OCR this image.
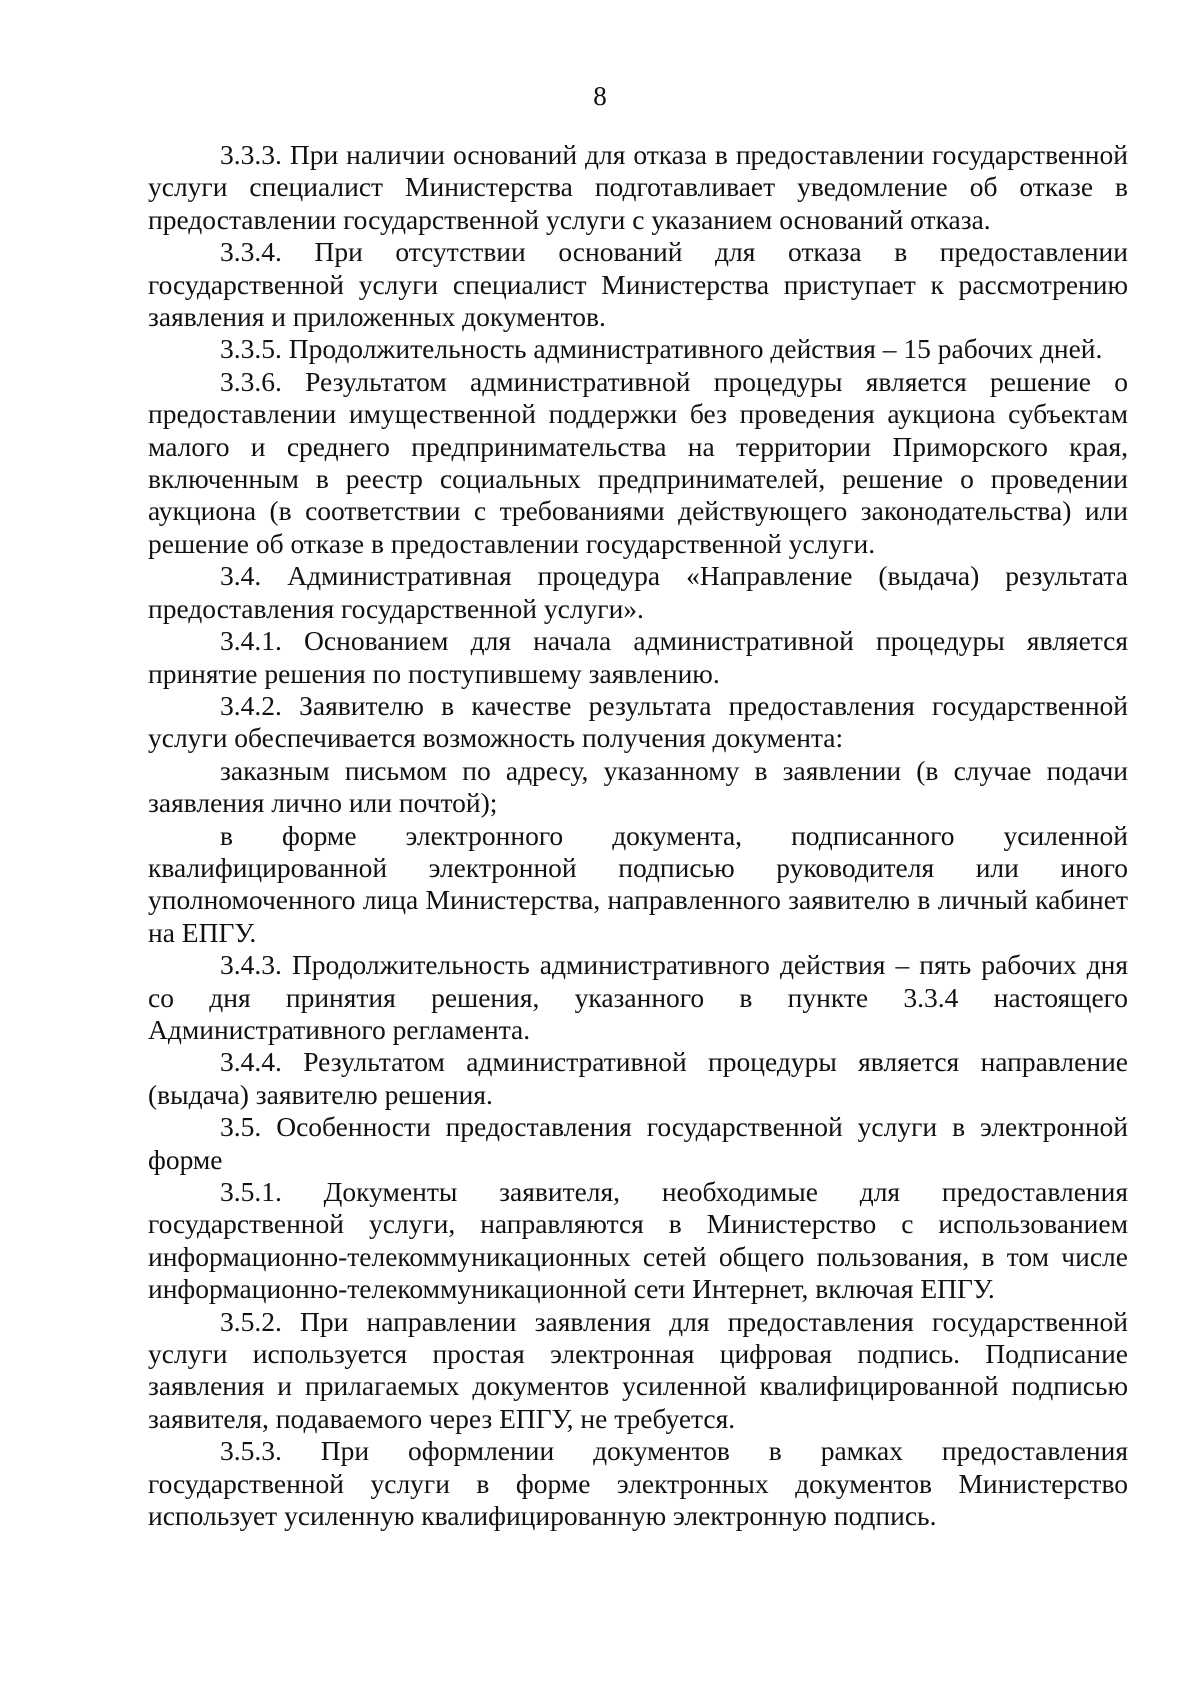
8

3.3.3. При наличии оснований для отказа в предоставлении государственной услуги специалист Министерства подготавливает уведомление об отказе в предоставлении государственной услуги с указанием оснований отказа.

3.3.4. При отсутствии оснований для отказа в предоставлении государственной услуги специалист Министерства приступает к рассмотрению заявления и приложенных документов.

3.3.5. Продолжительность административного действия – 15 рабочих дней.

3.3.6. Результатом административной процедуры является решение о предоставлении имущественной поддержки без проведения аукциона субъектам малого и среднего предпринимательства на территории Приморского края, включенным в реестр социальных предпринимателей, решение о проведении аукциона (в соответствии с требованиями действующего законодательства) или решение об отказе в предоставлении государственной услуги.

3.4. Административная процедура «Направление (выдача) результата предоставления государственной услуги».

3.4.1. Основанием для начала административной процедуры является принятие решения по поступившему заявлению.

3.4.2. Заявителю в качестве результата предоставления государственной услуги обеспечивается возможность получения документа:

заказным письмом по адресу, указанному в заявлении (в случае подачи заявления лично или почтой);

в форме электронного документа, подписанного усиленной квалифицированной электронной подписью руководителя или иного уполномоченного лица Министерства, направленного заявителю в личный кабинет на ЕПГУ.

3.4.3. Продолжительность административного действия – пять рабочих дня со дня принятия решения, указанного в пункте 3.3.4 настоящего Административного регламента.

3.4.4. Результатом административной процедуры является направление (выдача) заявителю решения.

3.5. Особенности предоставления государственной услуги в электронной форме

3.5.1. Документы заявителя, необходимые для предоставления государственной услуги, направляются в Министерство с использованием информационно-телекоммуникационных сетей общего пользования, в том числе информационно-телекоммуникационной сети Интернет, включая ЕПГУ.

3.5.2. При направлении заявления для предоставления государственной услуги используется простая электронная цифровая подпись. Подписание заявления и прилагаемых документов усиленной квалифицированной подписью заявителя, подаваемого через ЕПГУ, не требуется.

3.5.3. При оформлении документов в рамках предоставления государственной услуги в форме электронных документов Министерство использует усиленную квалифицированную электронную подпись.
